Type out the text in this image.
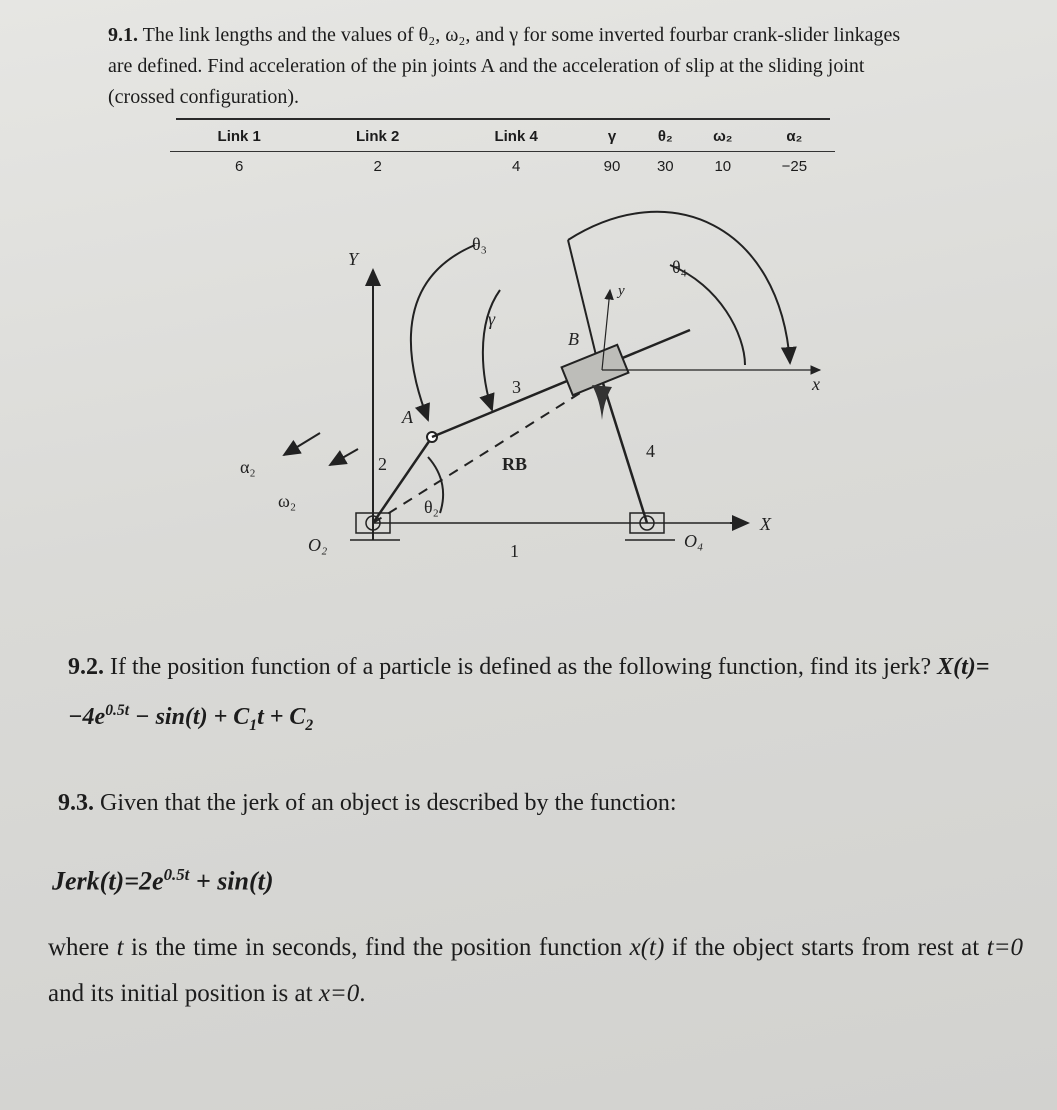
9.1. The link lengths and the values of θ₂, ω₂, and γ for some inverted fourbar crank-slider linkages are defined. Find acceleration of the pin joints A and the acceleration of slip at the sliding joint (crossed configuration).

Link 1	Link 2	Link 4	γ	θ₂	ω₂	α₂
6	2	4	90	30	10	−25
Y
X
x
y
θ₃
θ₄
θ₂
γ
A
B
RB
1
2
3
4
O₂	O₄
α₂
ω₂

9.2. If the position function of a particle is defined as the following function, find its jerk? $X(t)= -4e^{0.5t} - \sin(t) + C_1t + C_2$

9.3. Given that the jerk of an object is described by the function:

$Jerk(t)=2e^{0.5t} + \sin(t)$

where t is the time in seconds, find the position function x(t) if the object starts from rest at t=0 and its initial position is at x=0.
